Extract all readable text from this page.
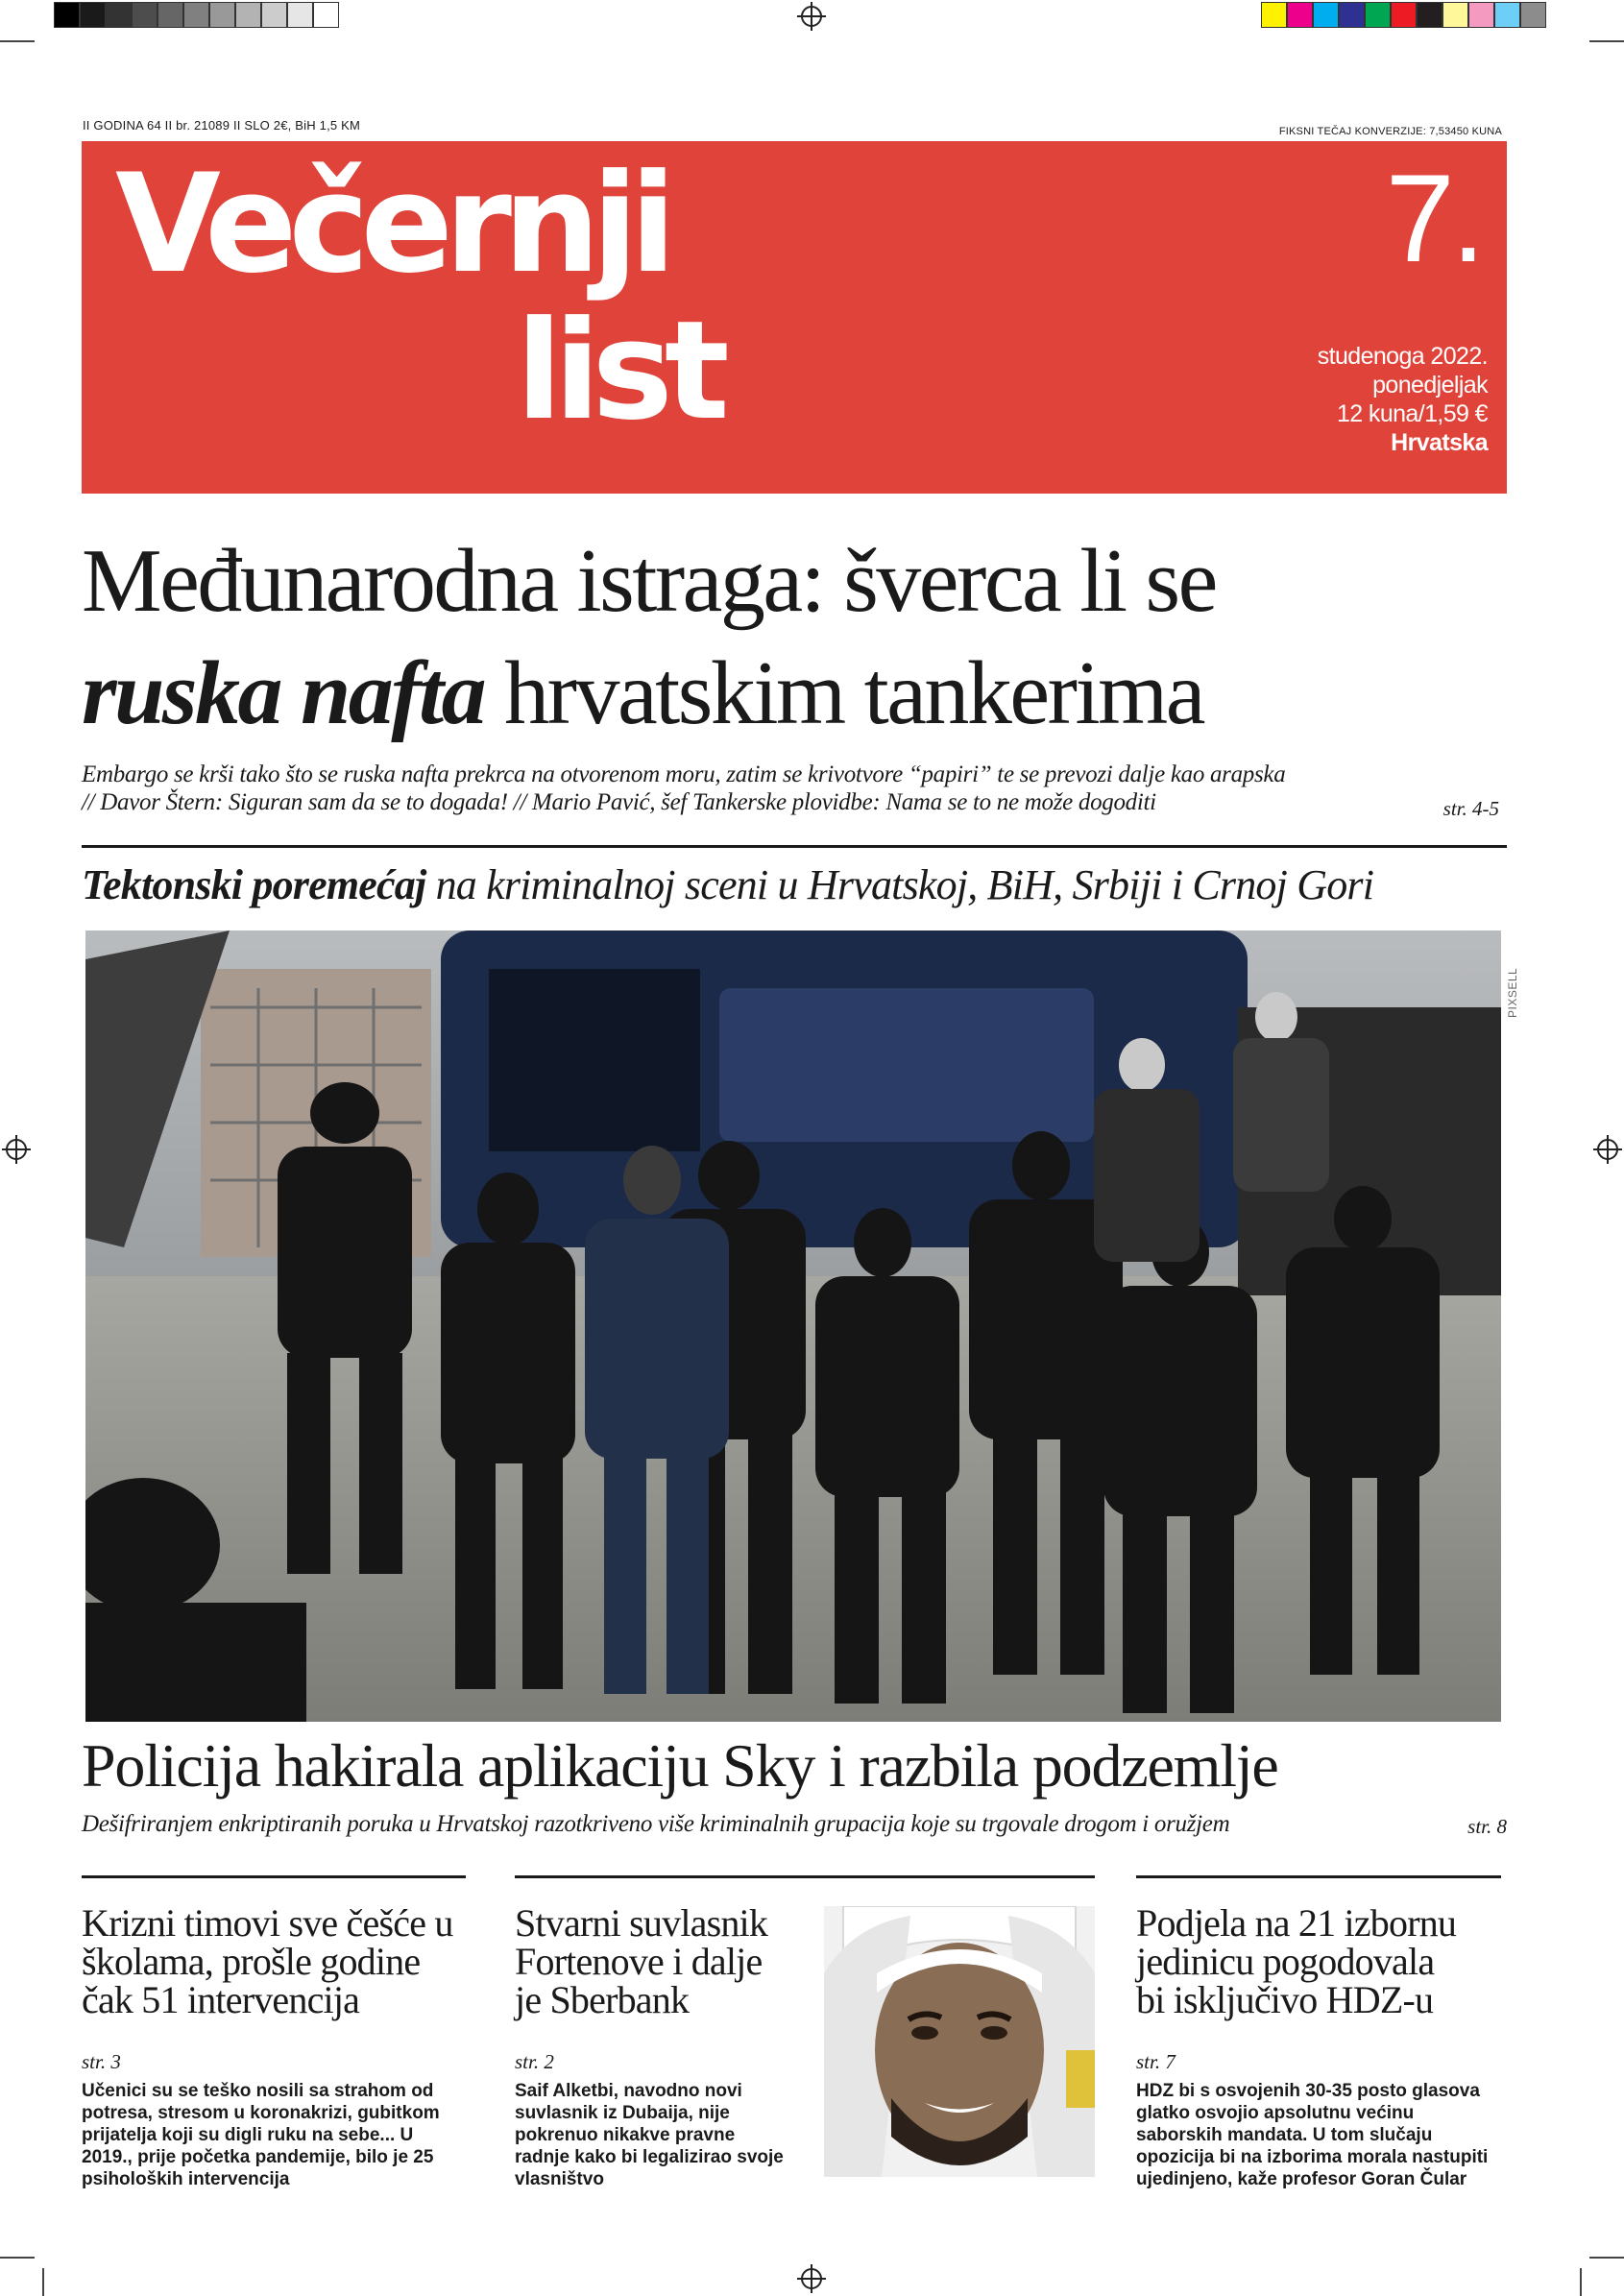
II GODINA 64 II br. 21089 II SLO 2€, BiH 1,5 KM	FIKSNI TEČAJ KONVERZIJE: 7,53450 KUNA
Večernji
list
7.
studenoga 2022.
ponedjeljak
12 kuna/1,59 €
Hrvatska
Međunarodna istraga: šverca li se
ruska nafta hrvatskim tankerima
Embargo se krši tako što se ruska nafta prekrca na otvorenom moru, zatim se krivotvore “papiri” te se prevozi dalje kao arapska
// Davor Štern: Siguran sam da se to dogada! // Mario Pavić, šef Tankerske plovidbe: Nama se to ne može dogoditi	str. 4-5
Tektonski poremećaj na kriminalnoj sceni u Hrvatskoj, BiH, Srbiji i Crnoj Gori
PIXSELL
Policija hakirala aplikaciju Sky i razbila podzemlje
Dešifriranjem enkriptiranih poruka u Hrvatskoj razotkriveno više kriminalnih grupacija koje su trgovale drogom i oružjem	str. 8
Krizni timovi sve češće u
školama, prošle godine
čak 51 intervencija
str. 3
Učenici su se teško nosili sa strahom od
potresa, stresom u koronakrizi, gubitkom
prijatelja koji su digli ruku na sebe... U
2019., prije početka pandemije, bilo je 25
psiholoških intervencija
Stvarni suvlasnik
Fortenove i dalje
je Sberbank
str. 2
Saif Alketbi, navodno novi
suvlasnik iz Dubaija, nije
pokrenuo nikakve pravne
radnje kako bi legalizirao svoje
vlasništvo
Podjela na 21 izbornu
jedinicu pogodovala
bi isključivo HDZ-u
str. 7
HDZ bi s osvojenih 30-35 posto glasova
glatko osvojio apsolutnu većinu
saborskih mandata. U tom slučaju
opozicija bi na izborima morala nastupiti
ujedinjeno, kaže profesor Goran Čular
